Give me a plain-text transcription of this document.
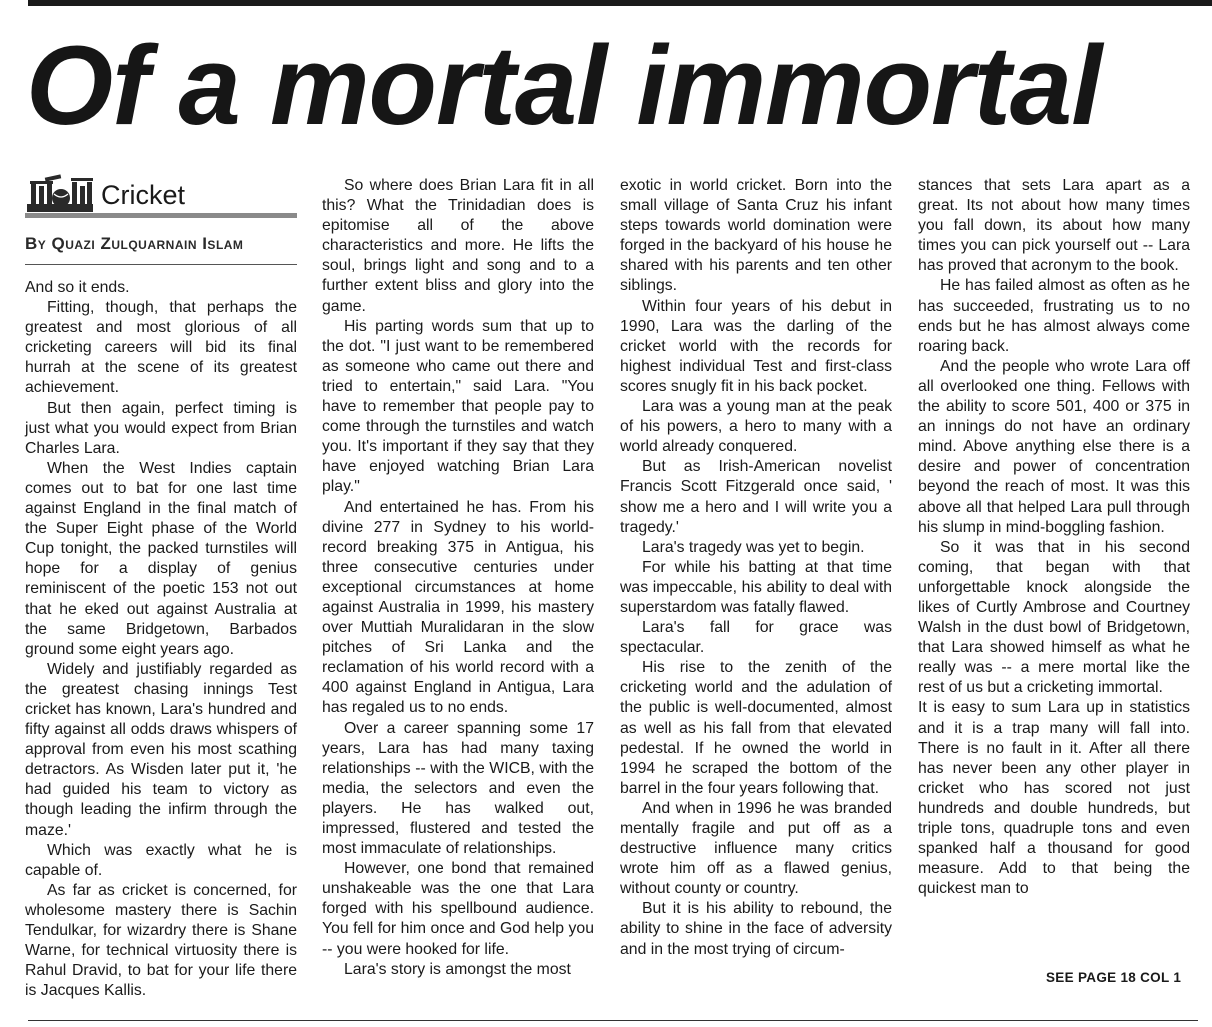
Of a mortal immortal
Cricket
By Quazi Zulquarnain Islam

And so it ends.

Fitting, though, that perhaps the greatest and most glorious of all cricketing careers will bid its final hurrah at the scene of its greatest achievement.

But then again, perfect timing is just what you would expect from Brian Charles Lara.

When the West Indies captain comes out to bat for one last time against England in the final match of the Super Eight phase of the World Cup tonight, the packed turnstiles will hope for a display of genius reminiscent of the poetic 153 not out that he eked out against Australia at the same Bridgetown, Barbados ground some eight years ago.

Widely and justifiably regarded as the greatest chasing innings Test cricket has known, Lara's hundred and fifty against all odds draws whispers of approval from even his most scathing detractors. As Wisden later put it, 'he had guided his team to victory as though leading the infirm through the maze.'

Which was exactly what he is capable of.

As far as cricket is concerned, for wholesome mastery there is Sachin Tendulkar, for wizardry there is Shane Warne, for technical virtuosity there is Rahul Dravid, to bat for your life there is Jacques Kallis.

So where does Brian Lara fit in all this? What the Trinidadian does is epitomise all of the above characteristics and more. He lifts the soul, brings light and song and to a further extent bliss and glory into the game.

His parting words sum that up to the dot. "I just want to be remembered as someone who came out there and tried to entertain," said Lara. "You have to remember that people pay to come through the turnstiles and watch you. It's important if they say that they have enjoyed watching Brian Lara play."

And entertained he has. From his divine 277 in Sydney to his world-record breaking 375 in Antigua, his three consecutive centuries under exceptional circumstances at home against Australia in 1999, his mastery over Muttiah Muralidaran in the slow pitches of Sri Lanka and the reclamation of his world record with a 400 against England in Antigua, Lara has regaled us to no ends.

Over a career spanning some 17 years, Lara has had many taxing relationships -- with the WICB, with the media, the selectors and even the players. He has walked out, impressed, flustered and tested the most immaculate of relationships.

However, one bond that remained unshakeable was the one that Lara forged with his spellbound audience. You fell for him once and God help you -- you were hooked for life.

Lara's story is amongst the most

exotic in world cricket. Born into the small village of Santa Cruz his infant steps towards world domination were forged in the backyard of his house he shared with his parents and ten other siblings.

Within four years of his debut in 1990, Lara was the darling of the cricket world with the records for highest individual Test and first-class scores snugly fit in his back pocket.

Lara was a young man at the peak of his powers, a hero to many with a world already conquered.

But as Irish-American novelist Francis Scott Fitzgerald once said, ' show me a hero and I will write you a tragedy.'

Lara's tragedy was yet to begin.

For while his batting at that time was impeccable, his ability to deal with superstardom was fatally flawed.

Lara's fall for grace was spectacular.

His rise to the zenith of the cricketing world and the adulation of the public is well-documented, almost as well as his fall from that elevated pedestal. If he owned the world in 1994 he scraped the bottom of the barrel in the four years following that.

And when in 1996 he was branded mentally fragile and put off as a destructive influence many critics wrote him off as a flawed genius, without county or country.

But it is his ability to rebound, the ability to shine in the face of adversity and in the most trying of circum-

stances that sets Lara apart as a great. Its not about how many times you fall down, its about how many times you can pick yourself out -- Lara has proved that acronym to the book.

He has failed almost as often as he has succeeded, frustrating us to no ends but he has almost always come roaring back.

And the people who wrote Lara off all overlooked one thing. Fellows with the ability to score 501, 400 or 375 in an innings do not have an ordinary mind. Above anything else there is a desire and power of concentration beyond the reach of most. It was this above all that helped Lara pull through his slump in mind-boggling fashion.

So it was that in his second coming, that began with that unforgettable knock alongside the likes of Curtly Ambrose and Courtney Walsh in the dust bowl of Bridgetown, that Lara showed himself as what he really was -- a mere mortal like the rest of us but a cricketing immortal.

It is easy to sum Lara up in statistics and it is a trap many will fall into. There is no fault in it. After all there has never been any other player in cricket who has scored not just hundreds and double hundreds, but triple tons, quadruple tons and even spanked half a thousand for good measure. Add to that being the quickest man to

SEE PAGE 18 COL 1
